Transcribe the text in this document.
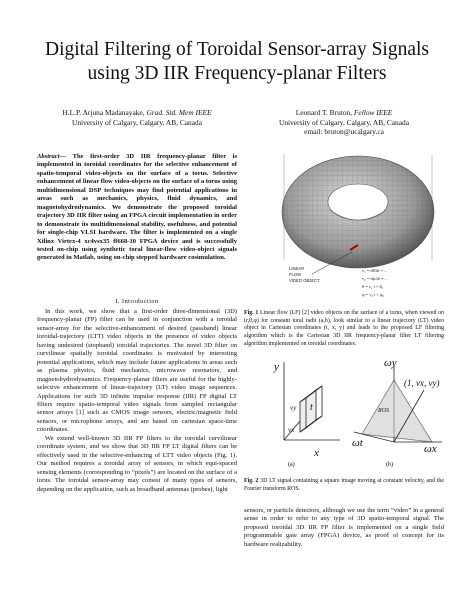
Digital Filtering of Toroidal Sensor-array Signals
using 3D IIR Frequency-planar Filters
H.L.P. Arjuna Madanayake, Grad. Std. Mem IEEE
University of Calgary, Calgary, AB, Canada
Leonard T. Bruton, Fellow IEEE
University of Calgary, Calgary, AB, Canada
email: bruton@ucalgary.ca
Abstract— The first-order 3D IIR frequency-planar filter is implemented in toroidal coordinates for the selective enhancement of spatio-temporal video-objects on the surface of a torus. Selective enhancement of linear flow video-objects on the surface of a torus using multidimensional DSP techniques may find potential applications in areas such as mechanics, physics, fluid dynamics, and magnetohydrodynamics. We demonstrate the proposed toroidal trajectory 3D IIR filter using an FPGA circuit implementation in order to demonstrate its multidimensional stability, usefulness, and potential for single-chip VLSI hardware. The filter is implemented on a single Xilinx Virtex-4 xc4vsx35 ff668-10 FPGA device and is successfully tested on-chip using synthetic toral linear-flow video-object signals generated in Matlab, using on-chip stepped hardware cosimulation.
I. Introduction

In this work, we show that a first-order three-dimensional (3D) frequency-planar (FP) filter can be used in conjunction with a toroidal sensor-array for the selective-enhancement of desired (passband) linear toroidal-trajectory (LTT) video objects in the presence of video objects having undesired (stopband) toroidal trajectories. The novel 3D filter on curvilinear spatially toroidal coordinates is motivated by interesting potential applications, which may include future applications in areas such as plasma physics, fluid mechanics, microwave resonators, and magnetohydrodynamics. Frequency-planar filters are useful for the highly-selective enhancement of linear-trajectory (LT) video image sequences. Applications for such 3D infinite impulse response (IIR) FP digital LT filters require spatio-temporal video signals from sampled rectangular sensor arrays [1] such as CMOS image sensors, electric/magnetic field sensors, or microphone arrays, and are based on cartesian space-time coordinates.

We extend well-known 3D IIR FP filters to the toroidal curvilinear coordinate system, and we show that 3D IIR FP LT digital filters can be effectively used in the selective-enhancing of LTT video objects (Fig. 1). Our method requires a toroidal array of sensors, in which equi-spaced sensing elements (corresponding to “pixels”) are located on the surface of a torus. The toroidal sensor-array may consist of many types of sensors, depending on the application, such as broadband antennas (probes), light

LINEAR
FLOW
VIDEO OBJECT
v₁ = dθ/dt = ...
v₂ = dφ/dt = ...
θ = v₁ t + θ₀
φ = v₂ t + φ₀
Fig. 1 Linear flow (LF) [2] video objects on the surface of a torus, when viewed on (r,θ,φ) for constant toral radii (a,b), look similar to a linear trajectory (LT) video object in Cartesian coordinates (t, x, y) and leads to the proposed LF filtering algorithm which is the Cartesian 3D IIR frequency-planar filter LT filtering algorithm implemented on toroidal coordinates.
y
t
x
vy
vx
(a)
ωy
ωt	ωx
ROS
(1, vx, vy)
(b)
Fig. 2 3D LT signal containing a square image moving at constant velocity, and the Fourier transform ROS.
sensors, or particle detectors, although we use the term “video” in a general sense in order to refer to any type of 3D spatio-temporal signal. The proposed toroidal 3D IIR FP filter is implemented on a single field programmable gate array (FPGA) device, as proof of concept for its hardware realizability.
